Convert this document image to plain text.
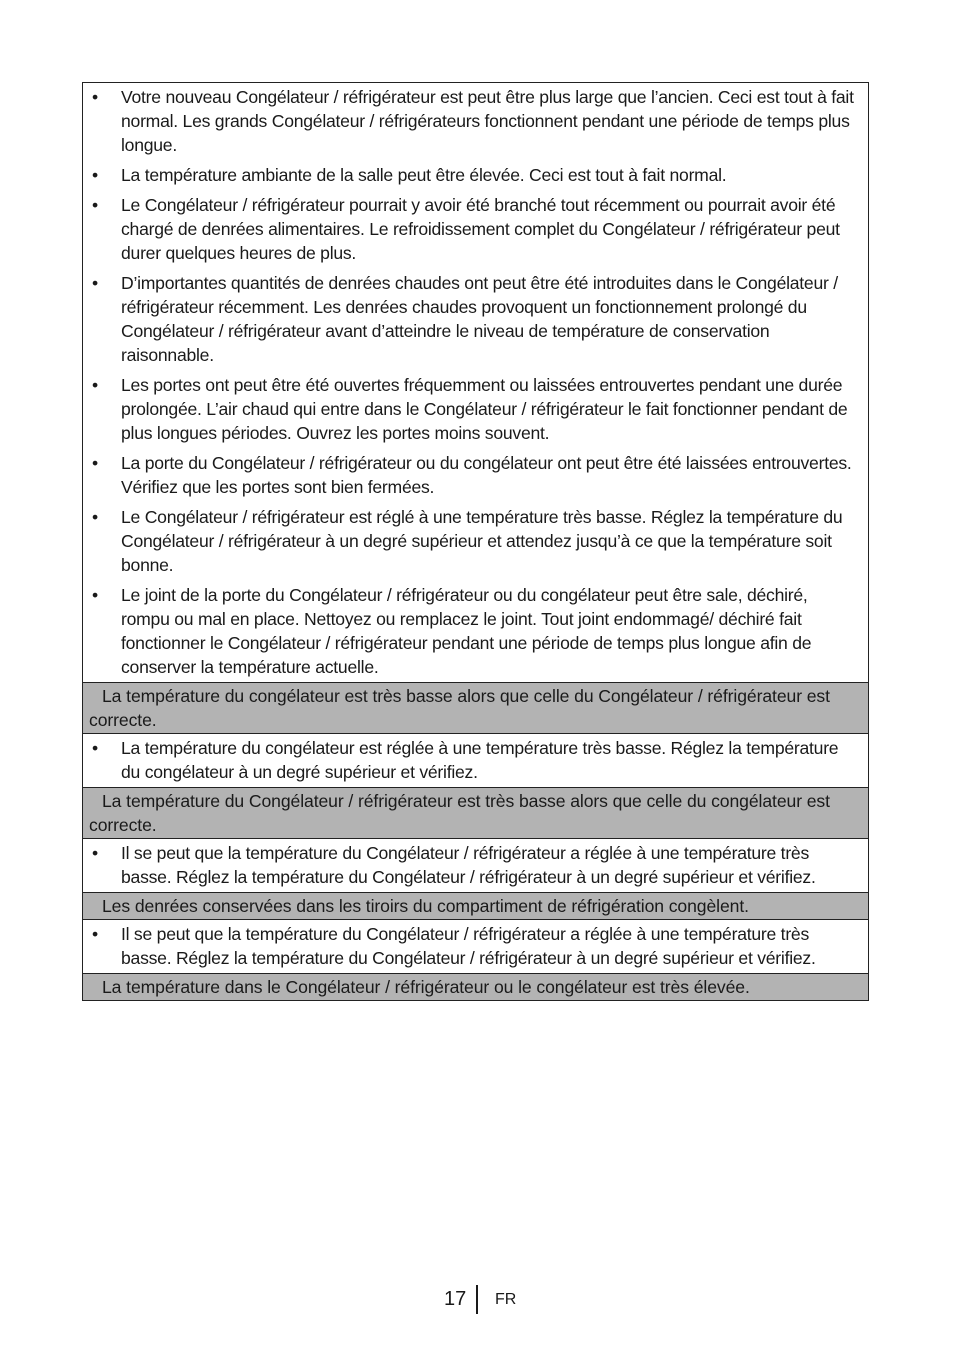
• Votre nouveau Congélateur / réfrigérateur est peut être plus large que l’ancien. Ceci est tout à fait normal. Les grands Congélateur / réfrigérateurs fonctionnent pendant une période de temps plus longue.
• La température ambiante de la salle peut être élevée. Ceci est tout à fait normal.
• Le Congélateur / réfrigérateur pourrait y avoir été branché tout récemment ou pourrait avoir été chargé de denrées alimentaires. Le refroidissement complet du Congélateur / réfrigérateur peut durer quelques heures de plus.
• D’importantes quantités de denrées chaudes ont peut être été introduites dans le Congélateur / réfrigérateur récemment. Les denrées chaudes provoquent un fonctionnement prolongé du Congélateur / réfrigérateur avant d’atteindre le niveau de température de conservation raisonnable.
• Les portes ont peut être été ouvertes fréquemment ou laissées entrouvertes pendant une durée prolongée. L’air chaud qui entre dans le Congélateur / réfrigérateur le fait fonctionner pendant de plus longues périodes. Ouvrez les portes moins souvent.
• La porte du Congélateur / réfrigérateur ou du congélateur ont peut être été laissées entrouvertes. Vérifiez que les portes sont bien fermées.
• Le Congélateur / réfrigérateur est réglé à une température très basse. Réglez la température du Congélateur / réfrigérateur à un degré supérieur et attendez jusqu’à ce que la température soit bonne.
• Le joint de la porte du Congélateur / réfrigérateur ou du congélateur peut être sale, déchiré, rompu ou mal en place. Nettoyez ou remplacez le joint. Tout joint endommagé/ déchiré fait fonctionner le Congélateur / réfrigérateur pendant une période de temps plus longue afin de conserver la température actuelle.
La température du congélateur est très basse alors que celle du Congélateur / réfrigérateur est correcte.
• La température du congélateur est réglée à une température très basse. Réglez la température du congélateur à un degré supérieur et vérifiez.
La température du Congélateur / réfrigérateur est très basse alors que celle du congélateur est correcte.
• Il se peut que la température du Congélateur / réfrigérateur a réglée à une température très basse. Réglez la température du Congélateur / réfrigérateur à un degré supérieur et vérifiez.
Les denrées conservées dans les tiroirs du compartiment de réfrigération congèlent.
• Il se peut que la température du Congélateur / réfrigérateur a réglée à une température très basse. Réglez la température du Congélateur / réfrigérateur à un degré supérieur et vérifiez.
La température dans le Congélateur / réfrigérateur ou le congélateur est très élevée.
17 FR
